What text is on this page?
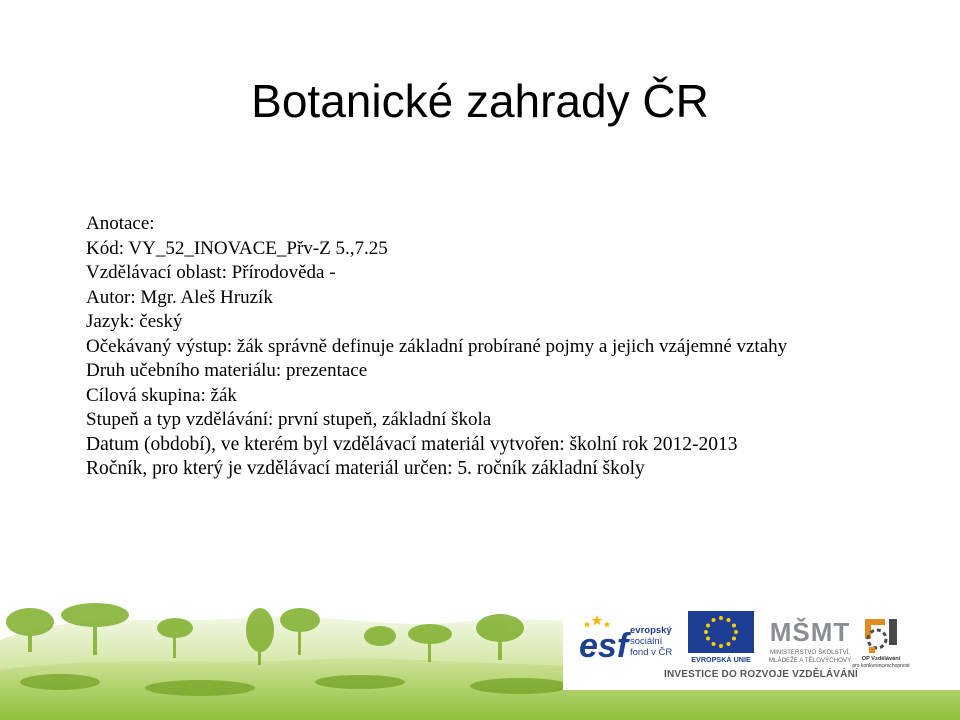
Botanické zahrady ČR
Anotace:
Kód: VY_52_INOVACE_Přv-Z 5.,7.25
Vzdělávací oblast: Přírodověda -
Autor: Mgr. Aleš Hruzík
Jazyk: český
Očekávaný výstup: žák správně definuje základní probírané pojmy a jejich vzájemné vztahy
Druh učebního materiálu: prezentace
Cílová skupina: žák
Stupeň a typ vzdělávání: první stupeň, základní škola
Datum (období), ve kterém byl vzdělávací materiál vytvořen: školní rok 2012-2013
Ročník, pro který je vzdělávací materiál určen: 5. ročník základní školy
esf evropský
sociální
fond v ČR
EVROPSKÁ UNIE
MŠMT
MINISTERSTVO ŠKOLSTVÍ,
MLÁDEŽE A TĚLOVÝCHOVY OP Vzdělávání
pro konkurenceschopnost
INVESTICE DO ROZVOJE VZDĚLÁVÁNÍ
